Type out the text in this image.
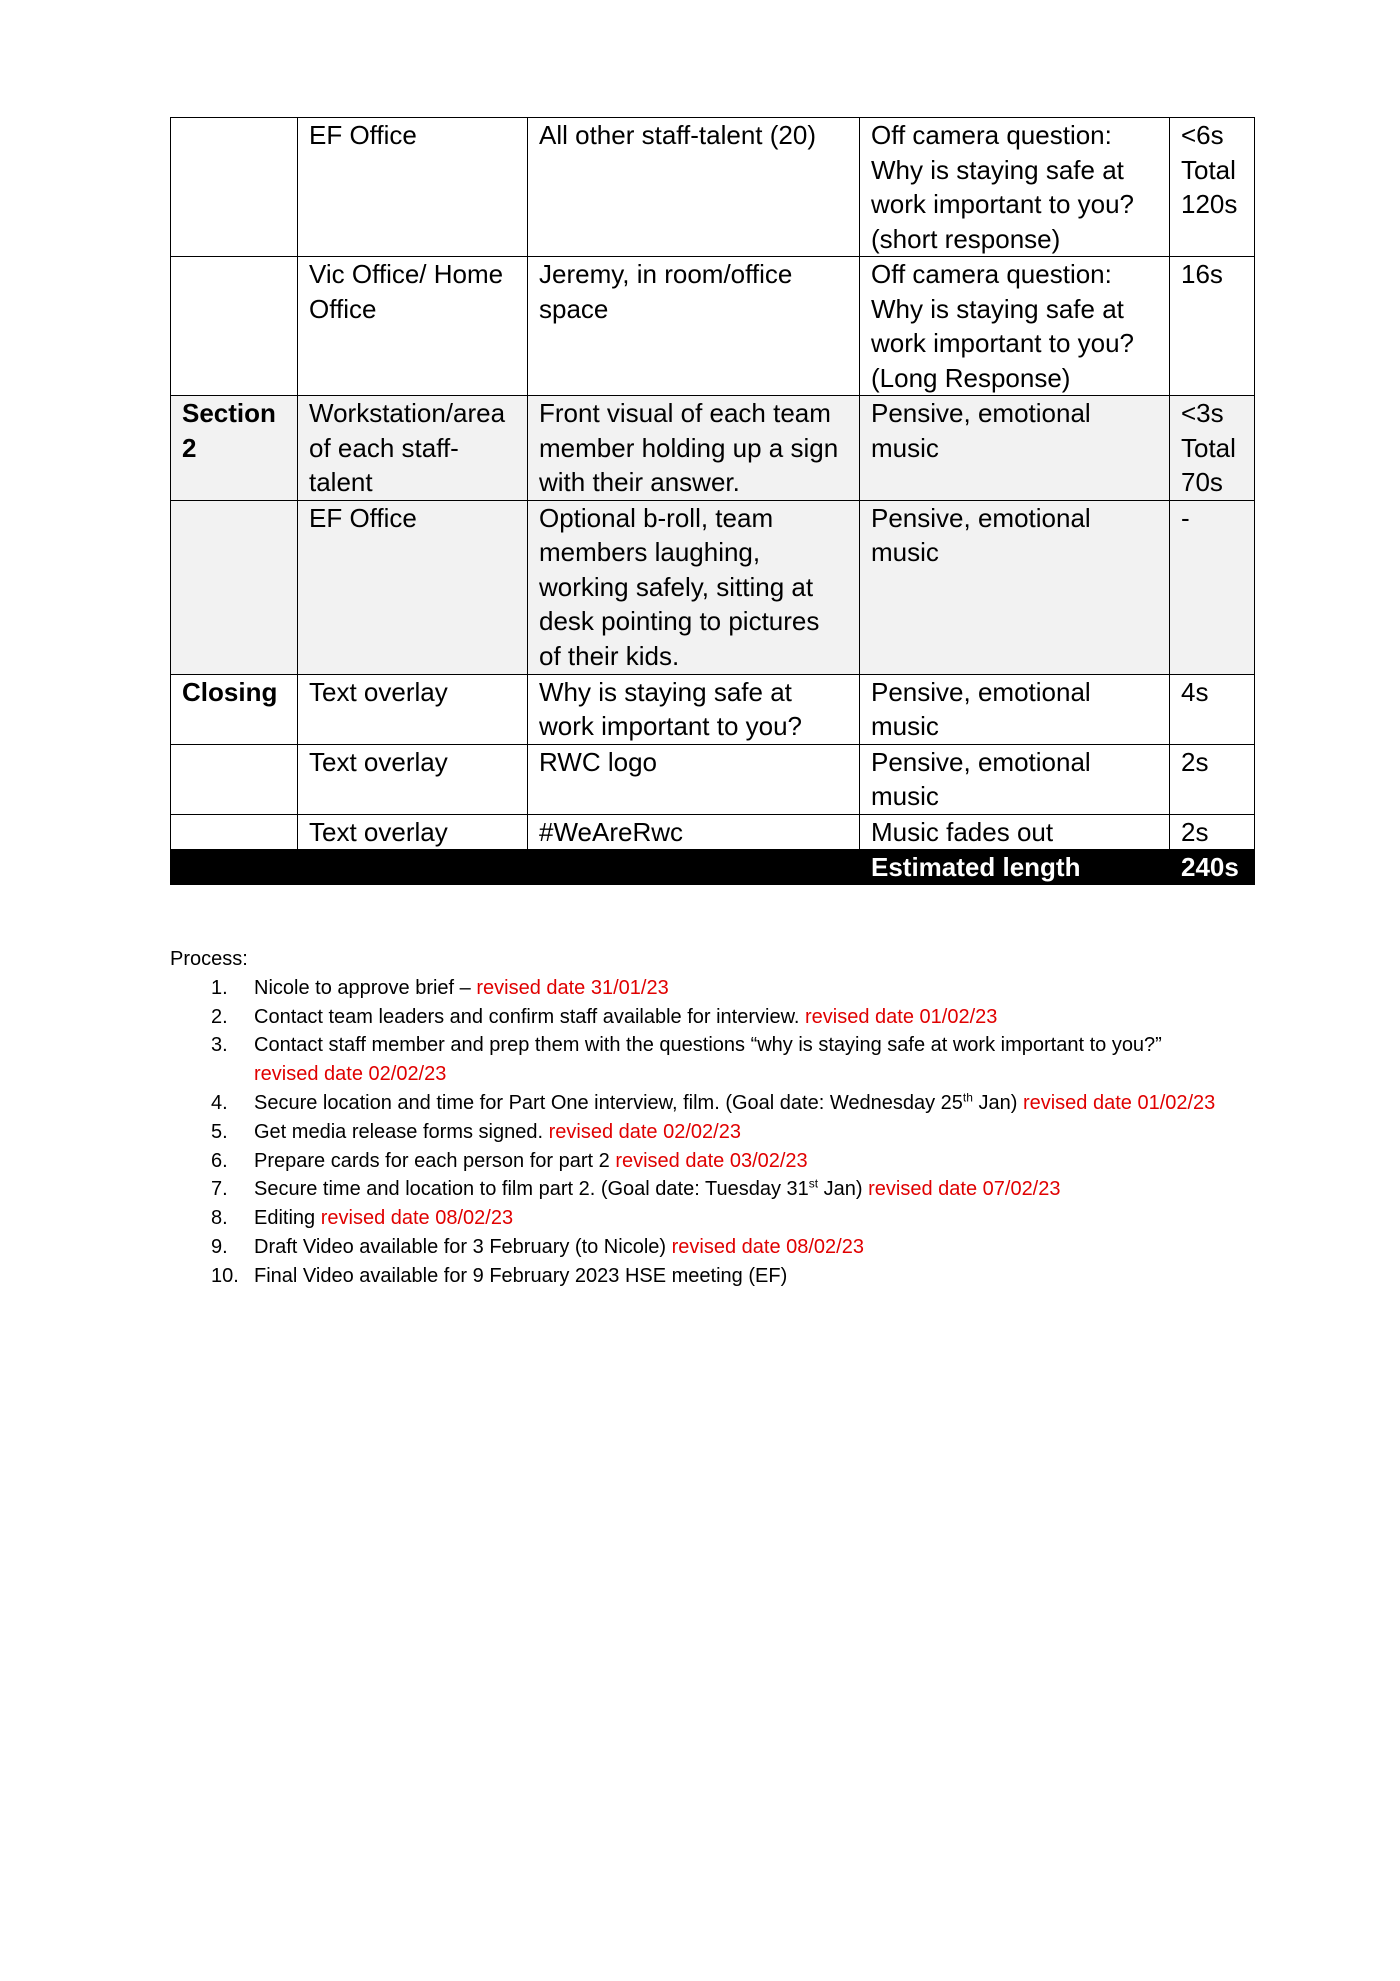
	EF Office	All other staff-talent (20)	Off camera question: Why is staying safe at work important to you? (short response)	<6s Total 120s
	Vic Office/ Home Office	Jeremy, in room/office space	Off camera question: Why is staying safe at work important to you? (Long Response)	16s
Section 2	Workstation/area of each staff-talent	Front visual of each team member holding up a sign with their answer.	Pensive, emotional music	<3s Total 70s
	EF Office	Optional b-roll, team members laughing, working safely, sitting at desk pointing to pictures of their kids.	Pensive, emotional music	-
Closing	Text overlay	Why is staying safe at work important to you?	Pensive, emotional music	4s
	Text overlay	RWC logo	Pensive, emotional music	2s
	Text overlay	#WeAreRwc	Music fades out	2s
			Estimated length	240s

Process:

1. Nicole to approve brief – revised date 31/01/23
2. Contact team leaders and confirm staff available for interview. revised date 01/02/23
3. Contact staff member and prep them with the questions “why is staying safe at work important to you?” revised date 02/02/23
4. Secure location and time for Part One interview, film. (Goal date: Wednesday 25th Jan) revised date 01/02/23
5. Get media release forms signed. revised date 02/02/23
6. Prepare cards for each person for part 2 revised date 03/02/23
7. Secure time and location to film part 2. (Goal date: Tuesday 31st Jan) revised date 07/02/23
8. Editing revised date 08/02/23
9. Draft Video available for 3 February (to Nicole) revised date 08/02/23
10. Final Video available for 9 February 2023 HSE meeting (EF)
